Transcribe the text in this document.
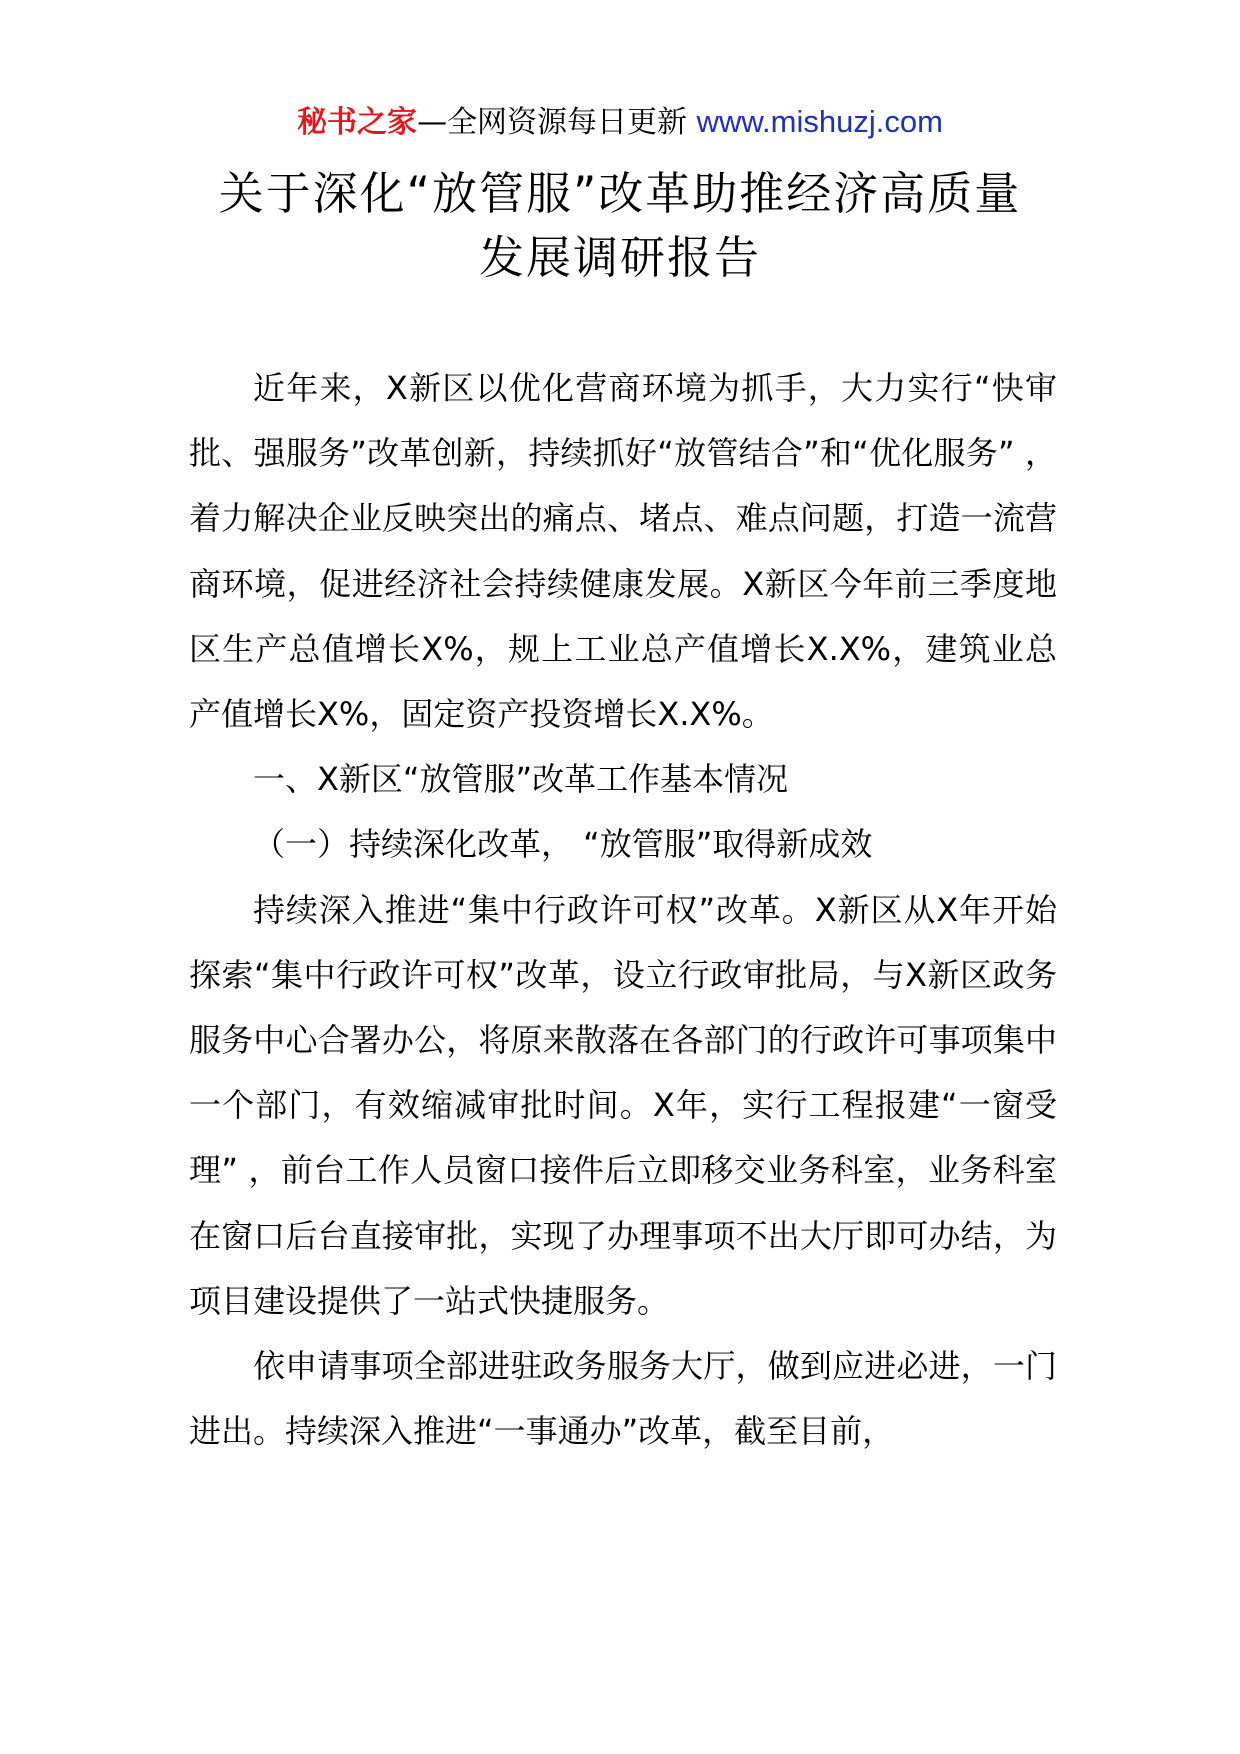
秘书之家—全网资源每日更新 www.mishuzj.com
关于深化“放管服”改革助推经济高质量
发展调研报告

近年来，X新区以优化营商环境为抓手，大力实行“快审批、强服务”改革创新，持续抓好“放管结合”和“优化服务” ，着力解决企业反映突出的痛点、堵点、难点问题，打造一流营商环境，促进经济社会持续健康发展。X新区今年前三季度地区生产总值增长X%，规上工业总产值增长X.X%，建筑业总产值增长X%，固定资产投资增长X.X%。

一、X新区“放管服”改革工作基本情况

（一）持续深化改革， “放管服”取得新成效

持续深入推进“集中行政许可权”改革。X新区从X年开始探索“集中行政许可权”改革，设立行政审批局，与X新区政务服务中心合署办公，将原来散落在各部门的行政许可事项集中一个部门，有效缩减审批时间。X年，实行工程报建“一窗受理” ，前台工作人员窗口接件后立即移交业务科室，业务科室在窗口后台直接审批，实现了办理事项不出大厅即可办结，为项目建设提供了一站式快捷服务。

依申请事项全部进驻政务服务大厅，做到应进必进，一门进出。持续深入推进“一事通办”改革，截至目前，
